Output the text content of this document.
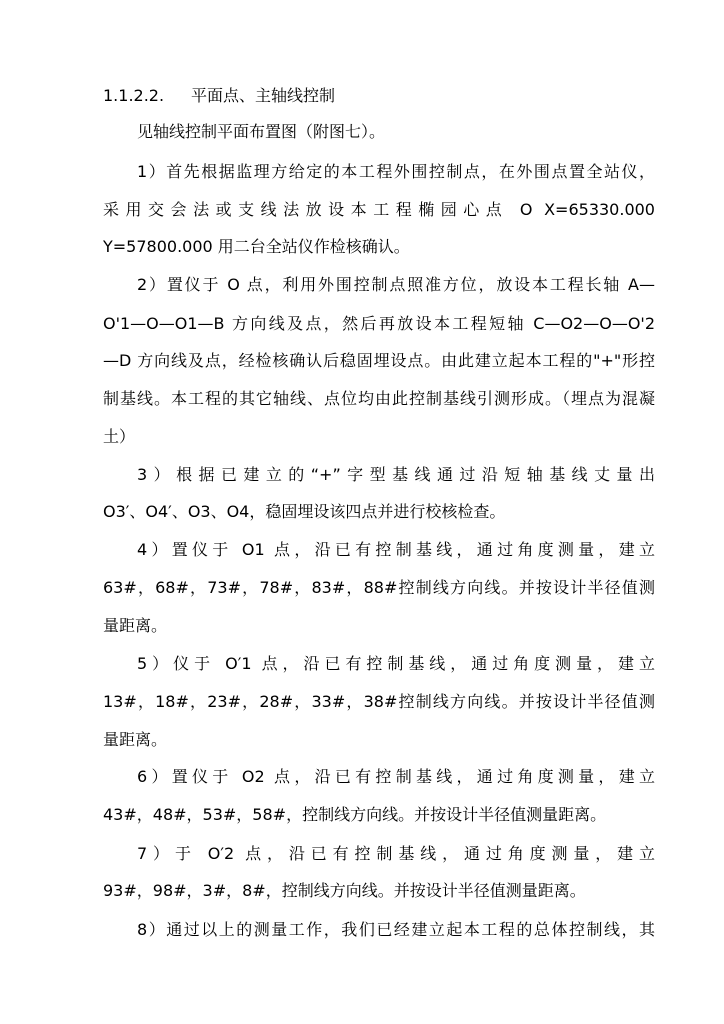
1.1.2.2. 平面点、主轴线控制
见轴线控制平面布置图（附图七）。
1）首先根据监理方给定的本工程外围控制点，在外围点置全站仪，
采用交会法或支线法放设本工程椭园心点 O X=65330.000
Y=57800.000 用二台全站仪作检核确认。
2）置仪于 O 点，利用外围控制点照准方位，放设本工程长轴 A—
O'1—O—O1—B 方向线及点，然后再放设本工程短轴 C—O2—O—O'2
—D 方向线及点，经检核确认后稳固埋设点。由此建立起本工程的"+"形控
制基线。本工程的其它轴线、点位均由此控制基线引测形成。（埋点为混凝
土）
3）根据已建立的“+”字型基线通过沿短轴基线丈量出
O3′、O4′、O3、O4，稳固埋设该四点并进行校核检查。
4）置仪于 O1 点，沿已有控制基线，通过角度测量，建立
63#，68#，73#，78#，83#，88#控制线方向线。并按设计半径值测
量距离。
5）仪于 O′1 点，沿已有控制基线，通过角度测量，建立
13#，18#，23#，28#，33#，38#控制线方向线。并按设计半径值测
量距离。
6）置仪于 O2 点，沿已有控制基线，通过角度测量，建立
43#，48#，53#，58#，控制线方向线。并按设计半径值测量距离。
7）于 O′2 点，沿已有控制基线，通过角度测量，建立
93#，98#，3#，8#，控制线方向线。并按设计半径值测量距离。
8）通过以上的测量工作，我们已经建立起本工程的总体控制线，其
